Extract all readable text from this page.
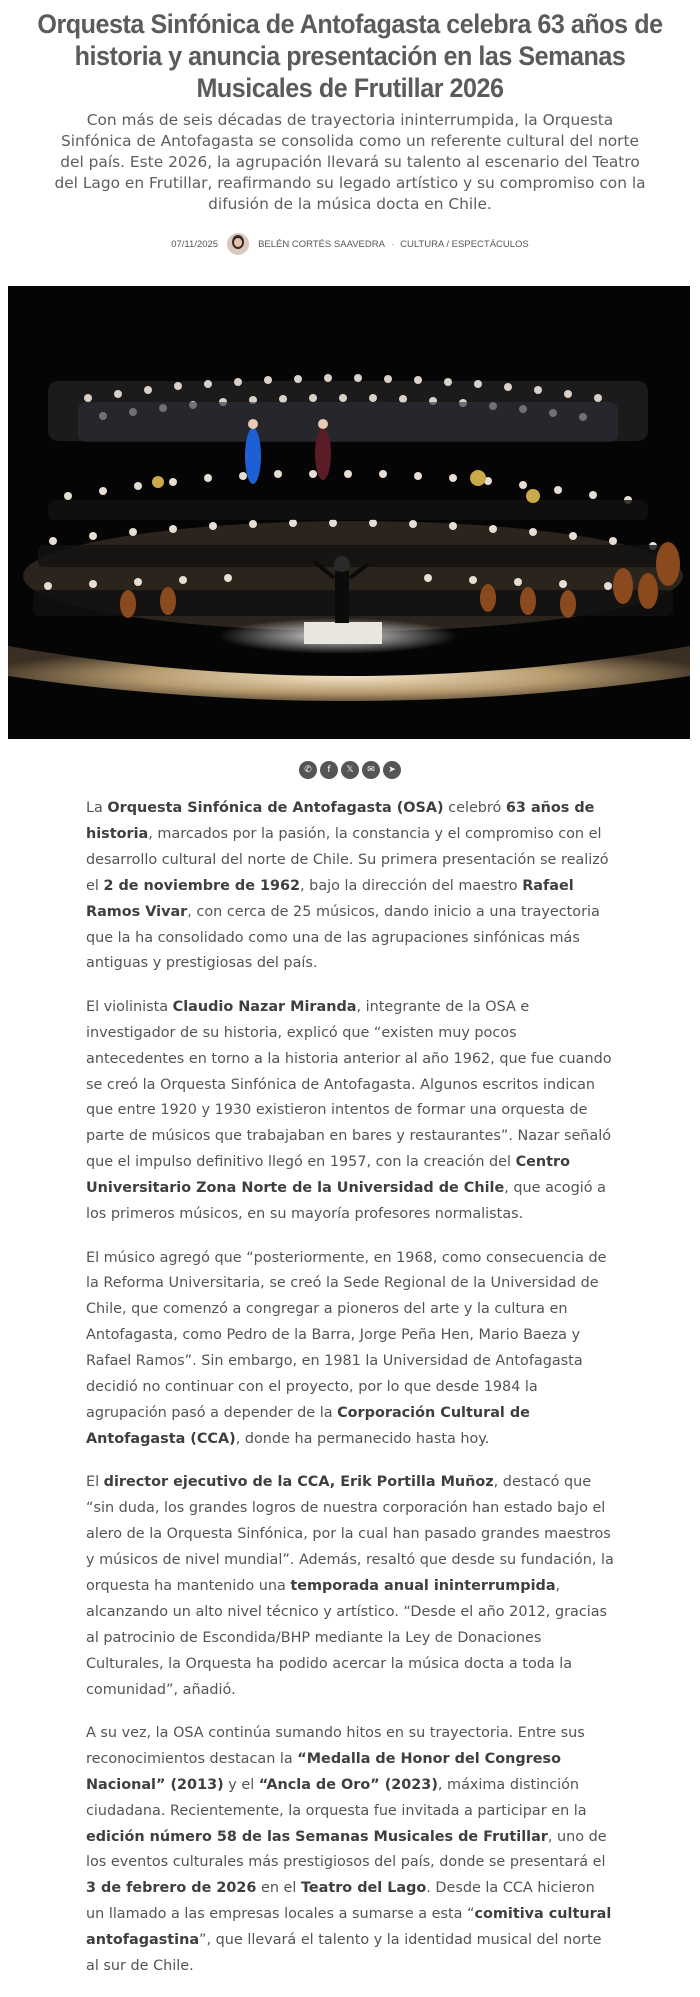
Orquesta Sinfónica de Antofagasta celebra 63 años de historia y anuncia presentación en las Semanas Musicales de Frutillar 2026

Con más de seis décadas de trayectoria ininterrumpida, la Orquesta Sinfónica de Antofagasta se consolida como un referente cultural del norte del país. Este 2026, la agrupación llevará su talento al escenario del Teatro del Lago en Frutillar, reafirmando su legado artístico y su compromiso con la difusión de la música docta en Chile.

07/11/2025	BELÉN CORTÉS SAAVEDRA · CULTURA / ESPECTÁCULOS
✆	f	𝕏	✉	➤

La Orquesta Sinfónica de Antofagasta (OSA) celebró 63 años de historia, marcados por la pasión, la constancia y el compromiso con el desarrollo cultural del norte de Chile. Su primera presentación se realizó el 2 de noviembre de 1962, bajo la dirección del maestro Rafael Ramos Vivar, con cerca de 25 músicos, dando inicio a una trayectoria que la ha consolidado como una de las agrupaciones sinfónicas más antiguas y prestigiosas del país.

El violinista Claudio Nazar Miranda, integrante de la OSA e investigador de su historia, explicó que “existen muy pocos antecedentes en torno a la historia anterior al año 1962, que fue cuando se creó la Orquesta Sinfónica de Antofagasta. Algunos escritos indican que entre 1920 y 1930 existieron intentos de formar una orquesta de parte de músicos que trabajaban en bares y restaurantes”. Nazar señaló que el impulso definitivo llegó en 1957, con la creación del Centro Universitario Zona Norte de la Universidad de Chile, que acogió a los primeros músicos, en su mayoría profesores normalistas.

El músico agregó que “posteriormente, en 1968, como consecuencia de la Reforma Universitaria, se creó la Sede Regional de la Universidad de Chile, que comenzó a congregar a pioneros del arte y la cultura en Antofagasta, como Pedro de la Barra, Jorge Peña Hen, Mario Baeza y Rafael Ramos”. Sin embargo, en 1981 la Universidad de Antofagasta decidió no continuar con el proyecto, por lo que desde 1984 la agrupación pasó a depender de la Corporación Cultural de Antofagasta (CCA), donde ha permanecido hasta hoy.

El director ejecutivo de la CCA, Erik Portilla Muñoz, destacó que “sin duda, los grandes logros de nuestra corporación han estado bajo el alero de la Orquesta Sinfónica, por la cual han pasado grandes maestros y músicos de nivel mundial”. Además, resaltó que desde su fundación, la orquesta ha mantenido una temporada anual ininterrumpida, alcanzando un alto nivel técnico y artístico. “Desde el año 2012, gracias al patrocinio de Escondida/BHP mediante la Ley de Donaciones Culturales, la Orquesta ha podido acercar la música docta a toda la comunidad”, añadió.

A su vez, la OSA continúa sumando hitos en su trayectoria. Entre sus reconocimientos destacan la “Medalla de Honor del Congreso Nacional” (2013) y el “Ancla de Oro” (2023), máxima distinción ciudadana. Recientemente, la orquesta fue invitada a participar en la edición número 58 de las Semanas Musicales de Frutillar, uno de los eventos culturales más prestigiosos del país, donde se presentará el 3 de febrero de 2026 en el Teatro del Lago. Desde la CCA hicieron un llamado a las empresas locales a sumarse a esta “comitiva cultural antofagastina”, que llevará el talento y la identidad musical del norte al sur de Chile.
